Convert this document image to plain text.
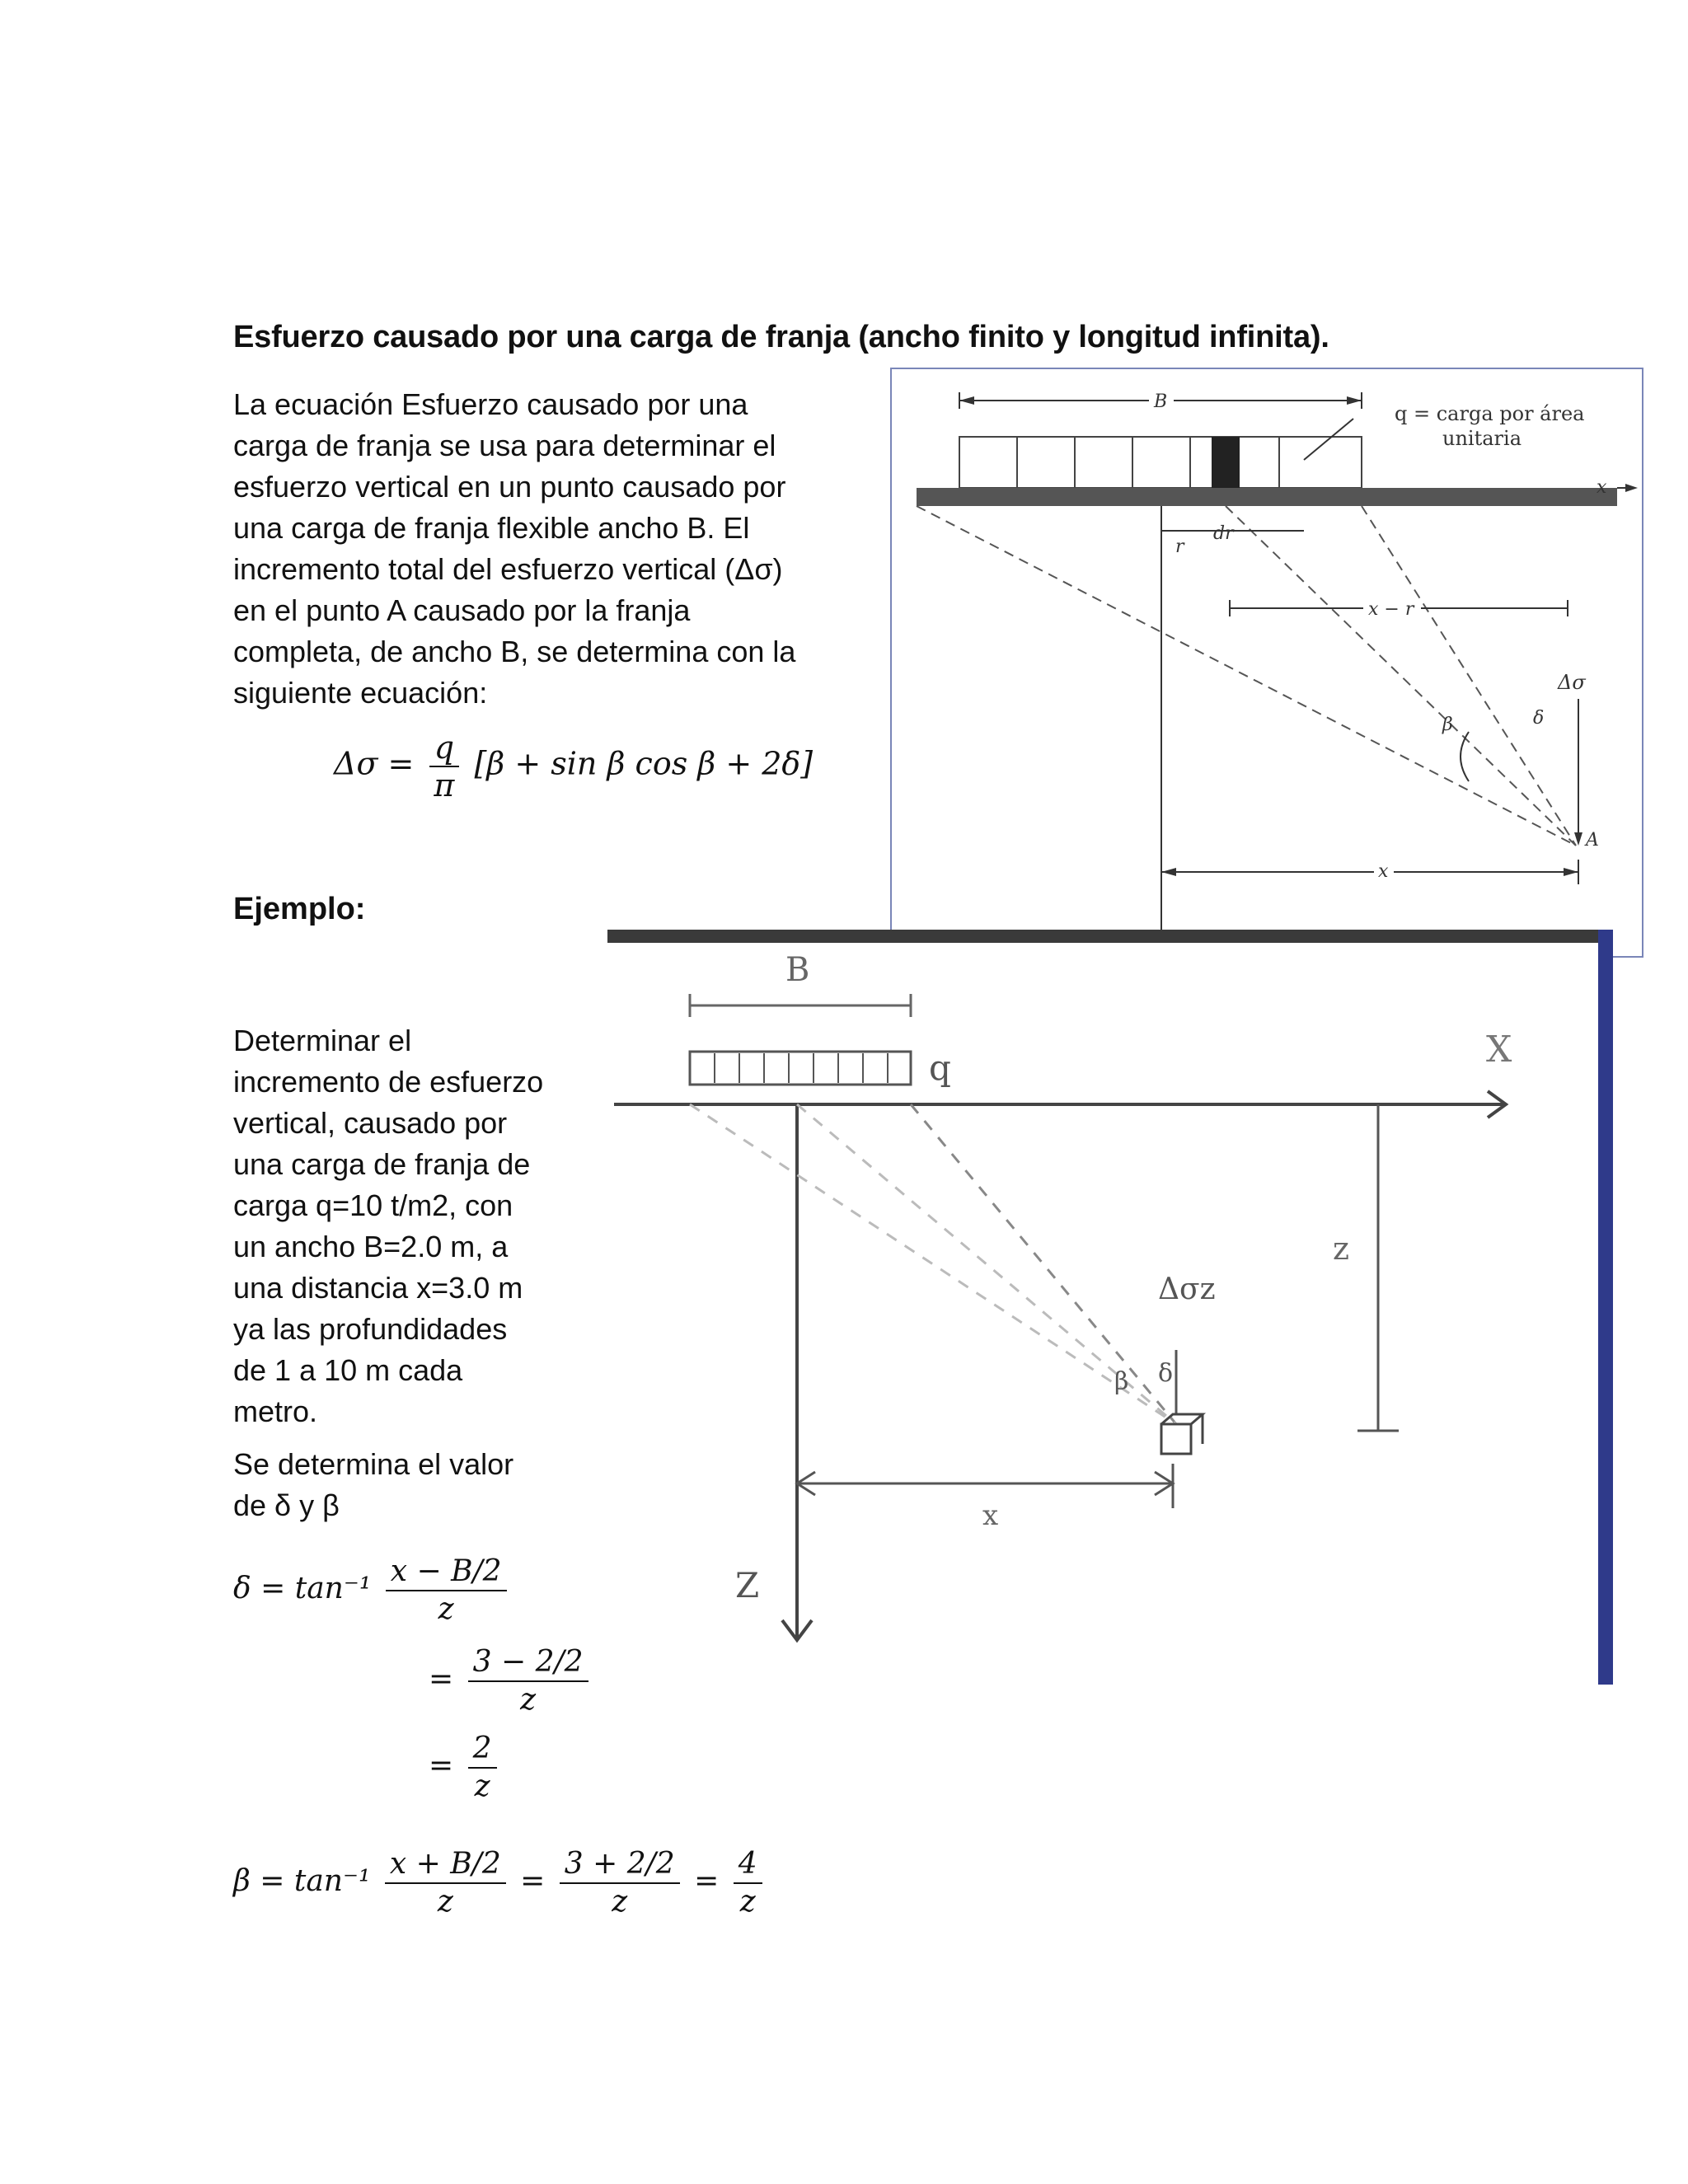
Esfuerzo causado por una carga de franja (ancho finito y longitud infinita).
La ecuación Esfuerzo causado por una
carga de franja se usa para determinar el
esfuerzo vertical en un punto causado por
una carga de franja flexible ancho B. El
incremento total del esfuerzo vertical (Δσ)
en el punto A causado por la franja
completa, de ancho B, se determina con la
siguiente ecuación:
$\Delta\sigma = \frac{q}{\pi} [\beta + \sin \beta$ cos β + 2δ]
Ejemplo:
Determinar el
incremento de esfuerzo
vertical, causado por
una carga de franja de
carga q=10 t/m2, con
un ancho B=2.0 m, a
una distancia x=3.0 m
ya las profundidades
de 1 a 10 m cada
metro.
Se determina el valor
de δ y β
$\delta = \tan^{-1} \frac{x - B/2}{z}$
= $\frac{3 - 2/2}{z}$
= $\frac{2}{z}$
$\beta = \tan^{-1} \frac{x + B/2}{z} = \frac{3 + 2/2}{z} = \frac{4}{z}$
B
q = carga por área
unitaria
x
r
dr
x − r
Δσ
β	δ
A
x
B
q	X
Z
z
Δσz
β δ
x
